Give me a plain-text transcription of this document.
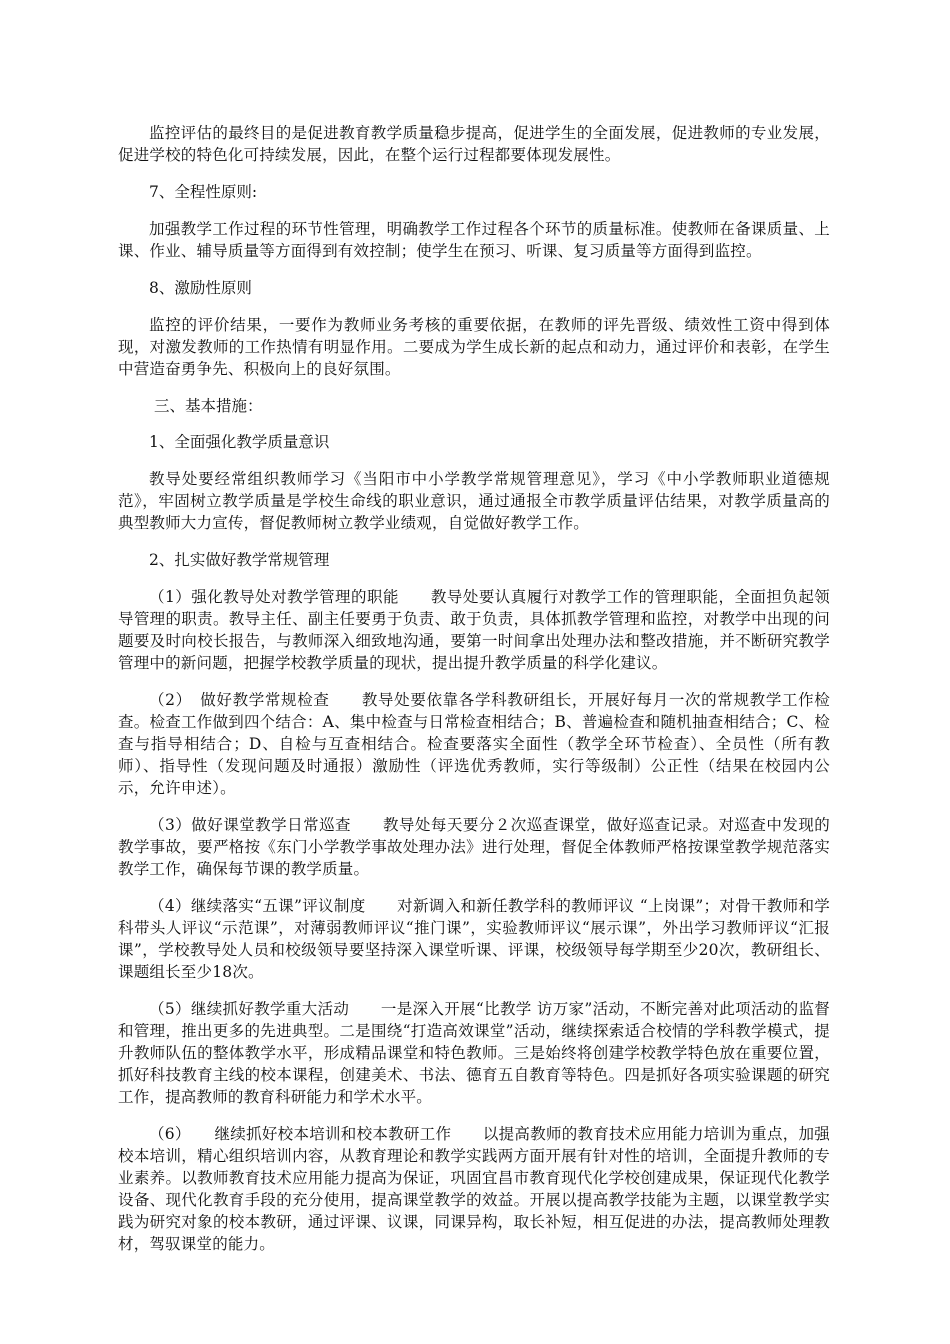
监控评估的最终目的是促进教育教学质量稳步提高，促进学生的全面发展，促进教师的专业发展，促进学校的特色化可持续发展，因此，在整个运行过程都要体现发展性。

7、全程性原则:

加强教学工作过程的环节性管理，明确教学工作过程各个环节的质量标准。使教师在备课质量、上课、作业、辅导质量等方面得到有效控制；使学生在预习、听课、复习质量等方面得到监控。

8、激励性原则

监控的评价结果，一要作为教师业务考核的重要依据，在教师的评先晋级、绩效性工资中得到体现，对激发教师的工作热情有明显作用。二要成为学生成长新的起点和动力，通过评价和表彰，在学生中营造奋勇争先、积极向上的良好氛围。

三、基本措施：

1、全面强化教学质量意识

教导处要经常组织教师学习《当阳市中小学教学常规管理意见》，学习《中小学教师职业道德规范》，牢固树立教学质量是学校生命线的职业意识，通过通报全市教学质量评估结果，对教学质量高的典型教师大力宣传，督促教师树立教学业绩观，自觉做好教学工作。

2、扎实做好教学常规管理

（1）强化教导处对教学管理的职能　　教导处要认真履行对教学工作的管理职能，全面担负起领导管理的职责。教导主任、副主任要勇于负责、敢于负责，具体抓教学管理和监控，对教学中出现的问题要及时向校长报告，与教师深入细致地沟通，要第一时间拿出处理办法和整改措施，并不断研究教学管理中的新问题，把握学校教学质量的现状，提出提升教学质量的科学化建议。

（2）　做好教学常规检查　　教导处要依靠各学科教研组长，开展好每月一次的常规教学工作检查。检查工作做到四个结合：A、集中检查与日常检查相结合；B、普遍检查和随机抽查相结合；C、检查与指导相结合；D、自检与互查相结合。检查要落实全面性（教学全环节检查）、全员性（所有教师）、指导性（发现问题及时通报）激励性（评选优秀教师，实行等级制）公正性（结果在校园内公示，允许申述）。

（3）做好课堂教学日常巡查　　教导处每天要分２次巡查课堂，做好巡查记录。对巡查中发现的教学事故，要严格按《东门小学教学事故处理办法》进行处理，督促全体教师严格按课堂教学规范落实教学工作，确保每节课的教学质量。

（4）继续落实“五课”评议制度　　对新调入和新任教学科的教师评议 “上岗课”；对骨干教师和学科带头人评议“示范课”，对薄弱教师评议“推门课”，实验教师评议“展示课”，外出学习教师评议“汇报课”，学校教导处人员和校级领导要坚持深入课堂听课、评课，校级领导每学期至少20次，教研组长、课题组长至少18次。

（5）继续抓好教学重大活动　　一是深入开展“比教学 访万家”活动，不断完善对此项活动的监督和管理，推出更多的先进典型。二是围绕“打造高效课堂”活动，继续探索适合校情的学科教学模式，提升教师队伍的整体教学水平，形成精品课堂和特色教师。三是始终将创建学校教学特色放在重要位置，抓好科技教育主线的校本课程，创建美术、书法、德育五自教育等特色。四是抓好各项实验课题的研究工作，提高教师的教育科研能力和学术水平。

（6）　　继续抓好校本培训和校本教研工作　　以提高教师的教育技术应用能力培训为重点，加强校本培训，精心组织培训内容，从教育理论和教学实践两方面开展有针对性的培训，全面提升教师的专业素养。以教师教育技术应用能力提高为保证，巩固宜昌市教育现代化学校创建成果，保证现代化教学设备、现代化教育手段的充分使用，提高课堂教学的效益。开展以提高教学技能为主题，以课堂教学实践为研究对象的校本教研，通过评课、议课，同课异构，取长补短，相互促进的办法，提高教师处理教材，驾驭课堂的能力。
